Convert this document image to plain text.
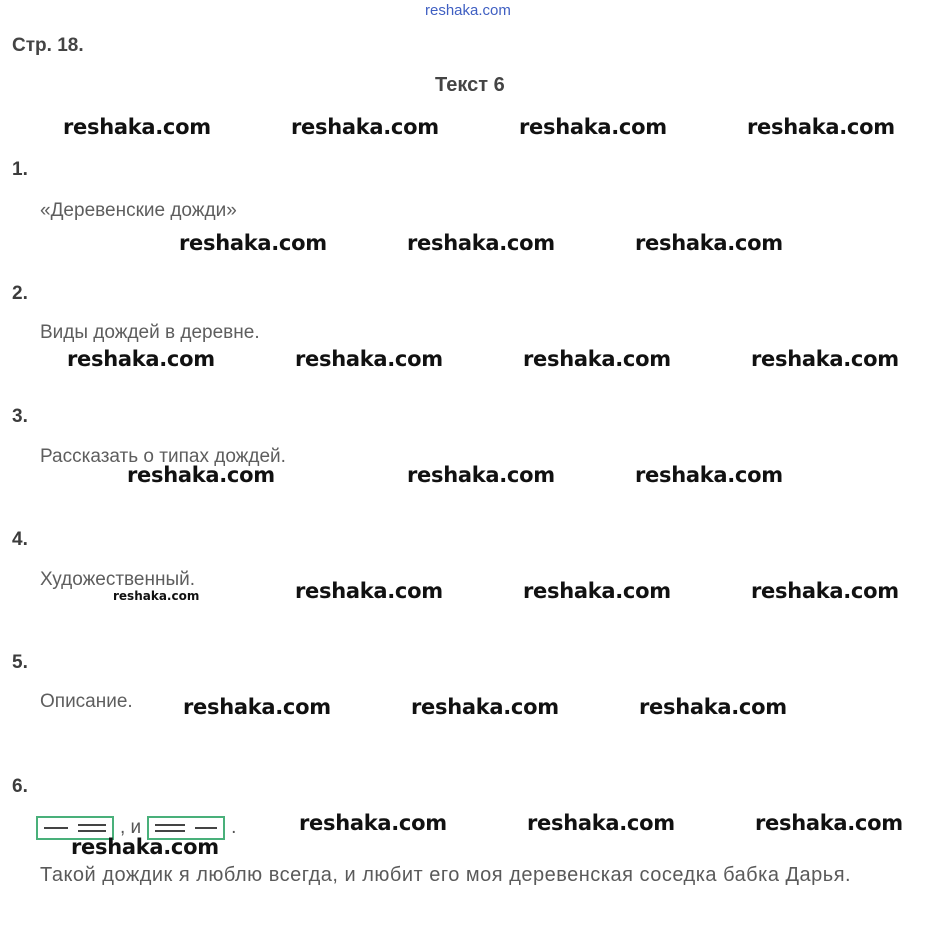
reshaka.com
Стр. 18.
Текст 6
reshaka.com	reshaka.com	reshaka.com	reshaka.com
1.
«Деревенские дожди»
reshaka.com	reshaka.com	reshaka.com
2.
Виды дождей в деревне.
reshaka.com	reshaka.com	reshaka.com	reshaka.com
3.
Рассказать о типах дождей.
reshaka.com	reshaka.com	reshaka.com
4.
Художественный.
reshaka.com	reshaka.com	reshaka.com	reshaka.com
5.
Описание. reshaka.com	reshaka.com	reshaka.com
6.
, и	.	reshaka.com	reshaka.com	reshaka.com
Такой дождик я люблю всегда, и любит его моя деревенская соседка бабка Дарья.
reshaka.com
